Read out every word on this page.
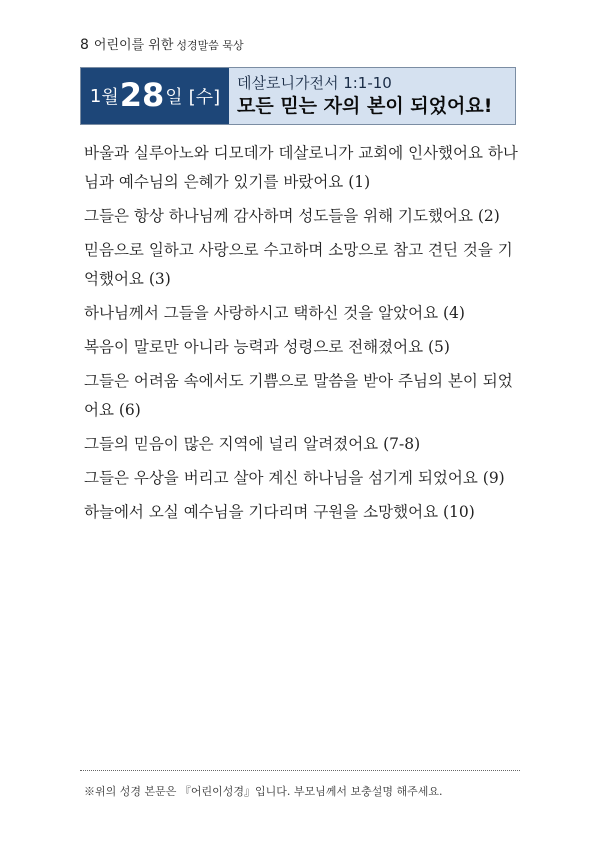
8 어린이를 위한 성경말씀 묵상
1 월 28 일 [수]
데살로니가전서 1:1-10
모든 믿는 자의 본이 되었어요!

바울과 실루아노와 디모데가 데살로니가 교회에 인사했어요 하나님과 예수님의 은혜가 있기를 바랐어요 (1)

그들은 항상 하나님께 감사하며 성도들을 위해 기도했어요 (2)

믿음으로 일하고 사랑으로 수고하며 소망으로 참고 견딘 것을 기억했어요 (3)

하나님께서 그들을 사랑하시고 택하신 것을 알았어요 (4)

복음이 말로만 아니라 능력과 성령으로 전해졌어요 (5)

그들은 어려움 속에서도 기쁨으로 말씀을 받아 주님의 본이 되었어요 (6)

그들의 믿음이 많은 지역에 널리 알려졌어요 (7-8)

그들은 우상을 버리고 살아 계신 하나님을 섬기게 되었어요 (9)

하늘에서 오실 예수님을 기다리며 구원을 소망했어요 (10)

※위의 성경 본문은 『어린이성경』입니다. 부모님께서 보충설명 해주세요.
